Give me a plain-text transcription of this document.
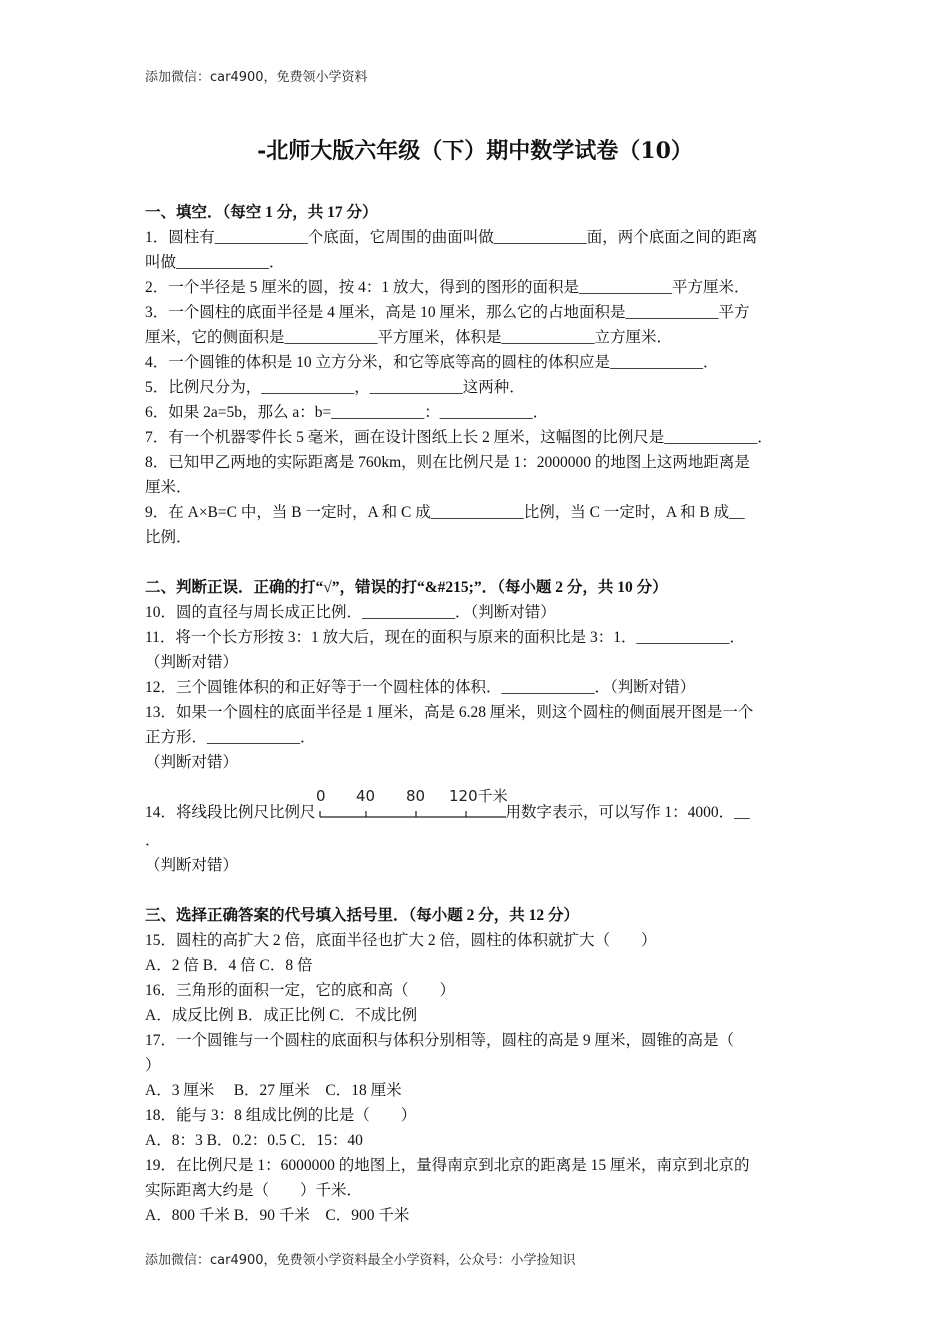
添加微信：car4900，免费领小学资料
-北师大版六年级（下）期中数学试卷（10）
一、填空．（每空 1 分，共 17 分）
1．圆柱有____________个底面，它周围的曲面叫做____________面，两个底面之间的距离
叫做____________．
2．一个半径是 5 厘米的圆，按 4：1 放大，得到的图形的面积是____________平方厘米．
3．一个圆柱的底面半径是 4 厘米，高是 10 厘米，那么它的占地面积是____________平方
厘米，它的侧面积是____________平方厘米，体积是____________立方厘米．
4．一个圆锥的体积是 10 立方分米，和它等底等高的圆柱的体积应是____________．
5．比例尺分为，____________，____________这两种．
6．如果 2a=5b，那么 a：b=____________：____________．
7．有一个机器零件长 5 毫米，画在设计图纸上长 2 厘米，这幅图的比例尺是____________．
8．已知甲乙两地的实际距离是 760km，则在比例尺是 1：2000000 的地图上这两地距离是
厘米．
9．在 A×B=C 中，当 B 一定时，A 和 C 成____________比例，当 C 一定时，A 和 B 成__
比例．
二、判断正误．正确的打“√”，错误的打“&#215;”．（每小题 2 分，共 10 分）
10．圆的直径与周长成正比例．____________．（判断对错）
11．将一个长方形按 3：1 放大后，现在的面积与原来的面积比是 3：1．____________．
（判断对错）
12．三个圆锥体积的和正好等于一个圆柱体的体积．____________．（判断对错）
13．如果一个圆柱的底面半径是 1 厘米，高是 6.28 厘米，则这个圆柱的侧面展开图是一个
正方形．____________．
（判断对错）
14．将线段比例尺比例尺
0 40 80 120千米
用数字表示，可以写作 1：4000．__
．
（判断对错）
三、选择正确答案的代号填入括号里．（每小题 2 分，共 12 分）
15．圆柱的高扩大 2 倍，底面半径也扩大 2 倍，圆柱的体积就扩大（　　）
A．2 倍 B．4 倍 C．8 倍
16．三角形的面积一定，它的底和高（　　）
A．成反比例 B．成正比例 C．不成比例
17．一个圆锥与一个圆柱的底面积与体积分别相等，圆柱的高是 9 厘米，圆锥的高是（
）
A．3 厘米　 B．27 厘米　C．18 厘米
18．能与 3：8 组成比例的比是（　　）
A．8：3 B．0.2：0.5 C．15：40
19．在比例尺是 1：6000000 的地图上，量得南京到北京的距离是 15 厘米，南京到北京的
实际距离大约是（　　）千米．
A．800 千米 B．90 千米　C．900 千米
添加微信：car4900，免费领小学资料最全小学资料，公众号：小学捡知识
